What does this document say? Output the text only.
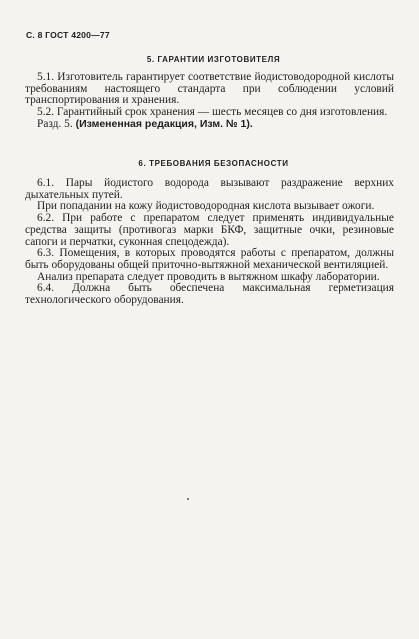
С. 8 ГОСТ 4200—77
5. ГАРАНТИИ ИЗГОТОВИТЕЛЯ

5.1. Изготовитель гарантирует соответствие йодистоводородной кислоты требованиям настоящего стандарта при соблюдении условий транспортирования и хранения.

5.2. Гарантийный срок хранения — шесть месяцев со дня изготовления.

Разд. 5. (Измененная редакция, Изм. № 1).

6. ТРЕБОВАНИЯ БЕЗОПАСНОСТИ

6.1. Пары йодистого водорода вызывают раздражение верхних дыхательных путей.

При попадании на кожу йодистоводородная кислота вызывает ожоги.

6.2. При работе с препаратом следует применять индивидуальные средства защиты (противогаз марки БКФ, защитные очки, резиновые сапоги и перчатки, суконная спецодежда).

6.3. Помещения, в которых проводятся работы с препаратом, должны быть оборудованы общей приточно-вытяжной механической вентиляцией.

Анализ препарата следует проводить в вытяжном шкафу лаборатории.

6.4. Должна быть обеспечена максимальная герметизация технологического оборудования.
